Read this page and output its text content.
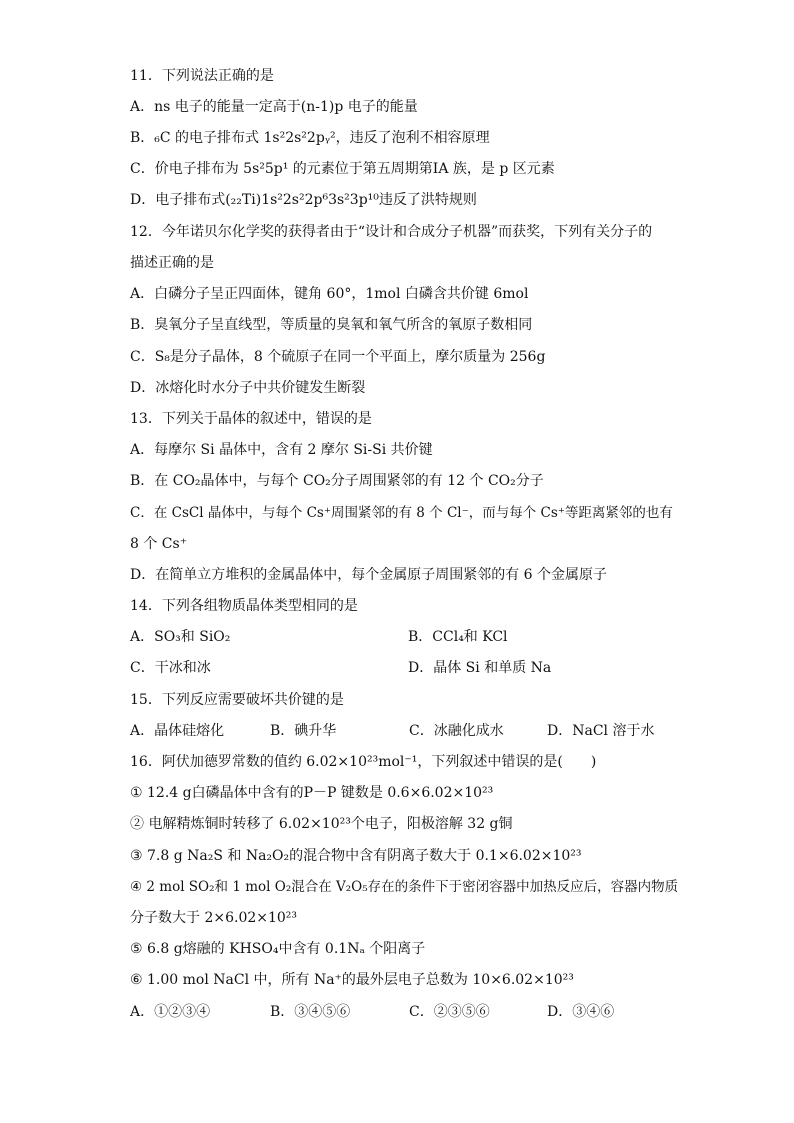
11．下列说法正确的是
A．ns 电子的能量一定高于(n-1)p 电子的能量
B．₆C 的电子排布式 1s²2s²2pᵧ²，违反了泡利不相容原理
C．价电子排布为 5s²5p¹ 的元素位于第五周期第ⅠA 族，是 p 区元素
D．电子排布式(₂₂Ti)1s²2s²2p⁶3s²3p¹⁰违反了洪特规则
12．今年诺贝尔化学奖的获得者由于“设计和合成分子机器”而获奖，下列有关分子的
描述正确的是
A．白磷分子呈正四面体，键角 60°，1mol 白磷含共价键 6mol
B．臭氧分子呈直线型，等质量的臭氧和氧气所含的氧原子数相同
C．S₈是分子晶体，8 个硫原子在同一个平面上，摩尔质量为 256g
D．冰熔化时水分子中共价键发生断裂
13．下列关于晶体的叙述中，错误的是
A．每摩尔 Si 晶体中，含有 2 摩尔 Si-Si 共价键
B．在 CO₂晶体中，与每个 CO₂分子周围紧邻的有 12 个 CO₂分子
C．在 CsCl 晶体中，与每个 Cs⁺周围紧邻的有 8 个 Cl⁻，而与每个 Cs⁺等距离紧邻的也有
8 个 Cs⁺
D．在简单立方堆积的金属晶体中，每个金属原子周围紧邻的有 6 个金属原子
14．下列各组物质晶体类型相同的是
A．SO₃和 SiO₂	B．CCl₄和 KCl
C．干冰和冰	D．晶体 Si 和单质 Na
15．下列反应需要破坏共价键的是
A．晶体硅熔化	B．碘升华	C．冰融化成水	D．NaCl 溶于水
16．阿伏加德罗常数的值约 6.02×10²³mol⁻¹，下列叙述中错误的是(　　)
① 12.4 g白磷晶体中含有的P－P 键数是 0.6×6.02×10²³
② 电解精炼铜时转移了 6.02×10²³个电子，阳极溶解 32 g铜
③ 7.8 g Na₂S 和 Na₂O₂的混合物中含有阴离子数大于 0.1×6.02×10²³
④ 2 mol SO₂和 1 mol O₂混合在 V₂O₅存在的条件下于密闭容器中加热反应后，容器内物质
分子数大于 2×6.02×10²³
⑤ 6.8 g熔融的 KHSO₄中含有 0.1Nₐ 个阳离子
⑥ 1.00 mol NaCl 中，所有 Na⁺的最外层电子总数为 10×6.02×10²³
A．①②③④	B．③④⑤⑥	C．②③⑤⑥	D．③④⑥
